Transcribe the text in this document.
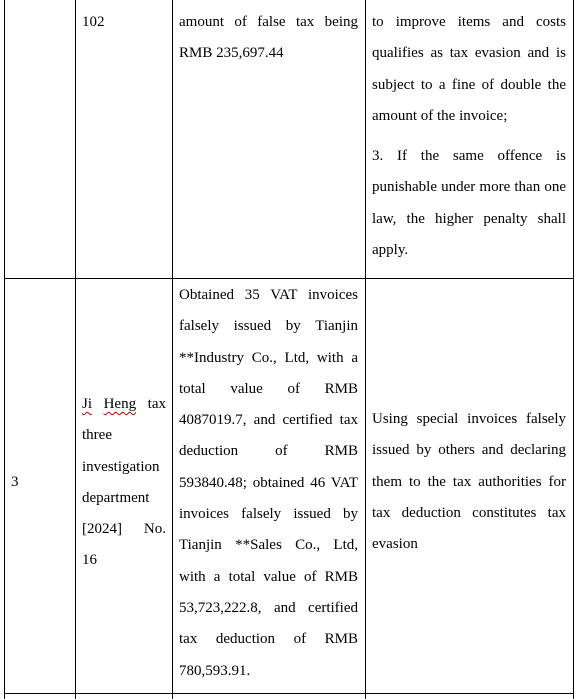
102	amount of false tax being RMB 235,697.44

to improve items and costs qualifies as tax evasion and is subject to a fine of double the amount of the invoice;

3. If the same offence is punishable under more than one law, the higher penalty shall apply.

3
Ji Heng tax three investigation department [2024] No. 16
Obtained 35 VAT invoices falsely issued by Tianjin **Industry Co., Ltd, with a total value of RMB 4087019.7, and certified tax deduction of RMB 593840.48; obtained 46 VAT invoices falsely issued by Tianjin **Sales Co., Ltd, with a total value of RMB 53,723,222.8, and certified tax deduction of RMB 780,593.91.
Using special invoices falsely issued by others and declaring them to the tax authorities for tax deduction constitutes tax evasion
